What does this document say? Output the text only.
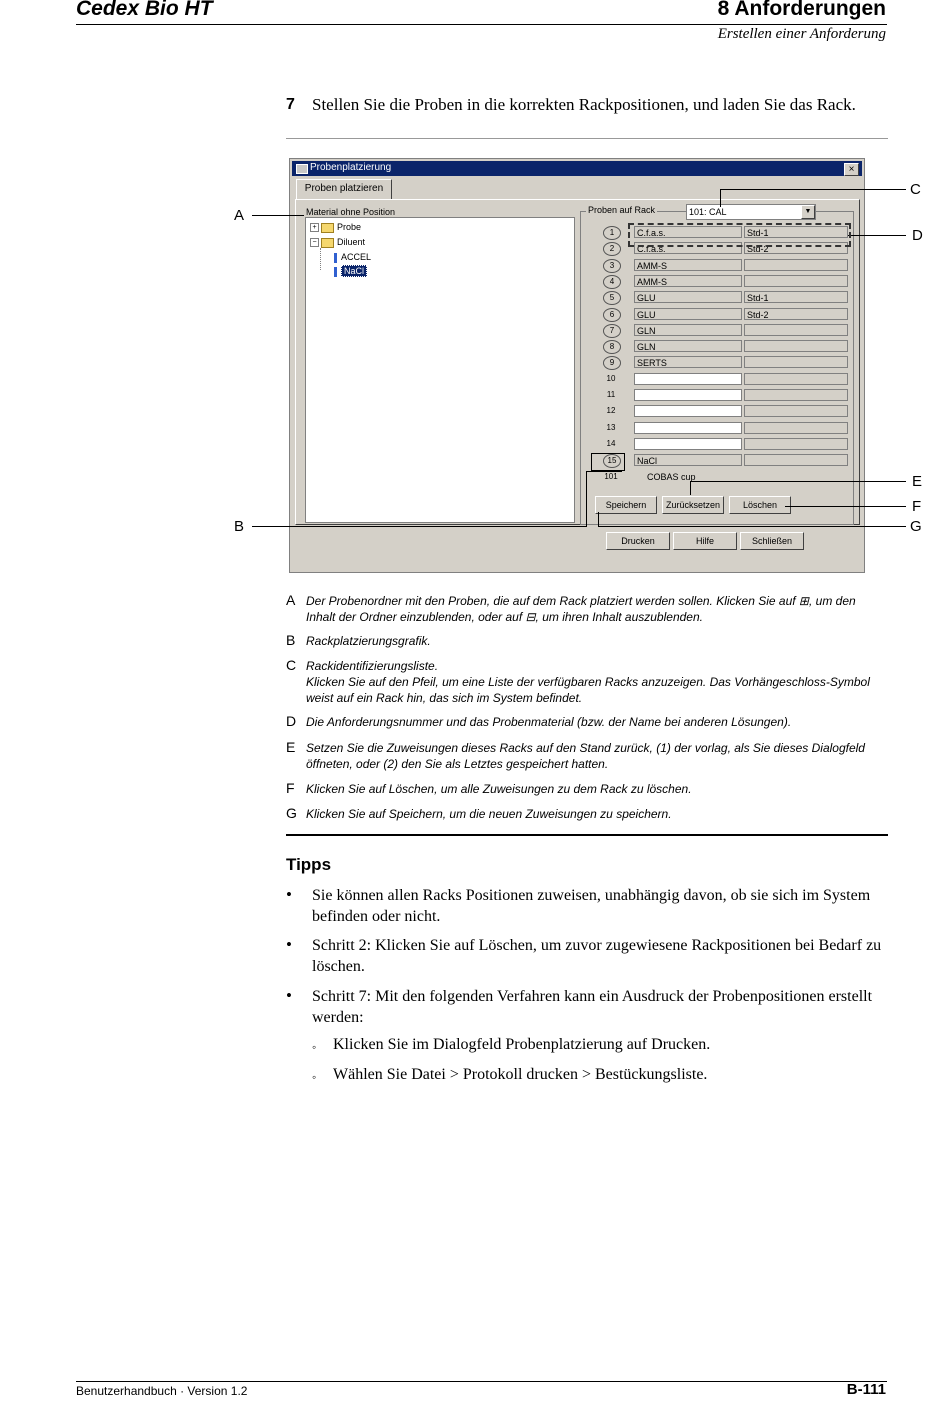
Cedex Bio HT	8 Anforderungen
Erstellen einer Anforderung
7 Stellen Sie die Proben in die korrekten Rackpositionen, und laden Sie das Rack.
Probenplatzierung	×
Proben platzieren
+ Probe
− Diluent
ACCEL
NaCl
Material ohne Position	Proben auf Rack	101: CAL	▼
Speichern	Zurücksetzen	Löschen
Drucken	Hilfe	Schließen
1	C.f.a.s.	Std-1
2	C.f.a.s.	Std-2
3	AMM-S
4	AMM-S
5	GLU	Std-1
6	GLU	Std-2
7	GLN
8	GLN
9	SERTS
10
11
12
13
14
15	NaCl
101	COBAS cup
A
C
D
E
F
B	G
A Der Probenordner mit den Proben, die auf dem Rack platziert werden sollen. Klicken Sie auf ⊞, um den Inhalt der Ordner einzublenden, oder auf ⊟, um ihren Inhalt auszublenden.
B Rackplatzierungsgrafik.
C Rackidentifizierungsliste.
Klicken Sie auf den Pfeil, um eine Liste der verfügbaren Racks anzuzeigen. Das Vorhängeschloss-Symbol weist auf ein Rack hin, das sich im System befindet.
D Die Anforderungsnummer und das Probenmaterial (bzw. der Name bei anderen Lösungen).
E Setzen Sie die Zuweisungen dieses Racks auf den Stand zurück, (1) der vorlag, als Sie dieses Dialogfeld öffneten, oder (2) den Sie als Letztes gespeichert hatten.
F Klicken Sie auf Löschen, um alle Zuweisungen zu dem Rack zu löschen.
G Klicken Sie auf Speichern, um die neuen Zuweisungen zu speichern.
Tipps
• Sie können allen Racks Positionen zuweisen, unabhängig davon, ob sie sich im System befinden oder nicht.
• Schritt 2: Klicken Sie auf Löschen, um zuvor zugewiesene Rackpositionen bei Bedarf zu löschen.
• Schritt 7: Mit den folgenden Verfahren kann ein Ausdruck der Probenpositionen erstellt werden:
◦ Klicken Sie im Dialogfeld Probenplatzierung auf Drucken.
◦ Wählen Sie Datei > Protokoll drucken > Bestückungsliste.
Benutzerhandbuch · Version 1.2	B-111
